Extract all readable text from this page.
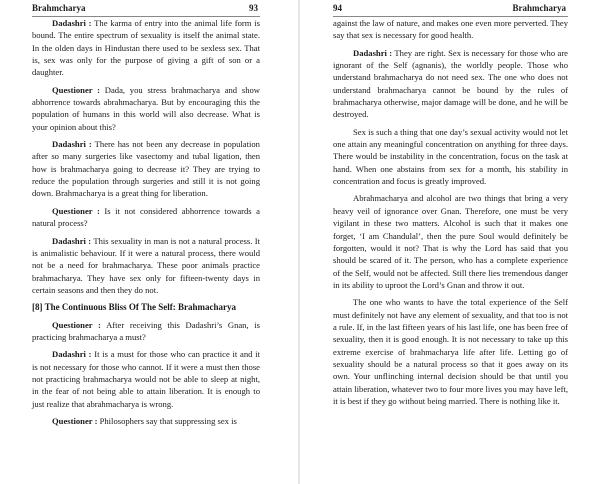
Brahmcharya	93

Dadashri : The karma of entry into the animal life form is bound. The entire spectrum of sexuality is itself the animal state. In the olden days in Hindustan there used to be sexless sex. That is, sex was only for the purpose of giving a gift of son or a daughter.

Questioner : Dada, you stress brahmacharya and show abhorrence towards abrahmacharya. But by encouraging this the population of humans in this world will also decrease. What is your opinion about this?

Dadashri : There has not been any decrease in population after so many surgeries like vasectomy and tubal ligation, then how is brahmacharya going to decrease it? They are trying to reduce the population through surgeries and still it is not going down. Brahmacharya is a great thing for liberation.

Questioner : Is it not considered abhorrence towards a natural process?

Dadashri : This sexuality in man is not a natural process. It is animalistic behaviour. If it were a natural process, there would not be a need for brahmacharya. These poor animals practice brahmacharya. They have sex only for fifteen-twenty days in certain seasons and then they do not.

[8] The Continuous Bliss Of The Self: Brahmacharya

Questioner : After receiving this Dadashri’s Gnan, is practicing brahmacharya a must?

Dadashri : It is a must for those who can practice it and it is not necessary for those who cannot. If it were a must then those not practicing brahmacharya would not be able to sleep at night, in the fear of not being able to attain liberation. It is enough to just realize that abrahmacharya is wrong.

Questioner : Philosophers say that suppressing sex is

94	Brahmcharya

against the law of nature, and makes one even more perverted. They say that sex is necessary for good health.

Dadashri : They are right. Sex is necessary for those who are ignorant of the Self (agnanis), the worldly people. Those who understand brahmacharya do not need sex. The one who does not understand brahmacharya cannot be bound by the rules of brahmacharya otherwise, major damage will be done, and he will be destroyed.

Sex is such a thing that one day’s sexual activity would not let one attain any meaningful concentration on anything for three days. There would be instability in the concentration, focus on the task at hand. When one abstains from sex for a month, his stability in concentration and focus is greatly improved.

Abrahmacharya and alcohol are two things that bring a very heavy veil of ignorance over Gnan. Therefore, one must be very vigilant in these two matters. Alcohol is such that it makes one forget, ‘I am Chandulal’, then the pure Soul would definitely be forgotten, would it not? That is why the Lord has said that you should be scared of it. The person, who has a complete experience of the Self, would not be affected. Still there lies tremendous danger in its ability to uproot the Lord’s Gnan and throw it out.

The one who wants to have the total experience of the Self must definitely not have any element of sexuality, and that too is not a rule. If, in the last fifteen years of his last life, one has been free of sexuality, then it is good enough. It is not necessary to take up this extreme exercise of brahmacharya life after life. Letting go of sexuality should be a natural process so that it goes away on its own. Your unflinching internal decision should be that until you attain liberation, whatever two to four more lives you may have left, it is best if they go without being married. There is nothing like it.
